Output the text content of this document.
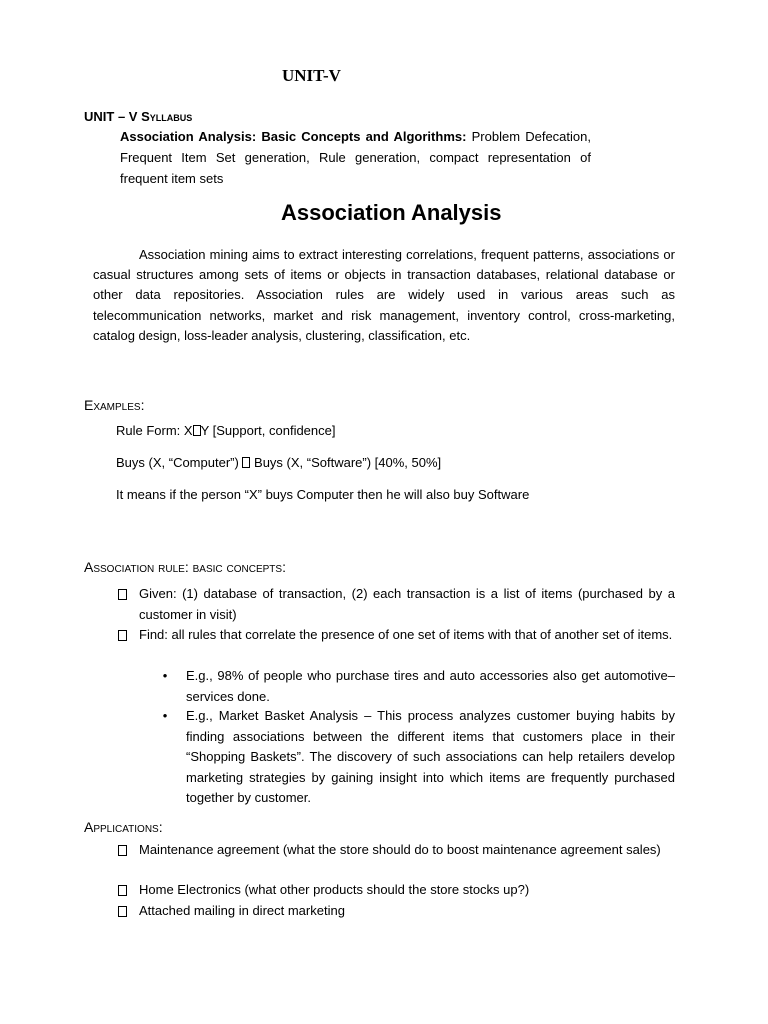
UNIT-V
UNIT – V Syllabus
Association Analysis: Basic Concepts and Algorithms: Problem Defecation, Frequent Item Set generation, Rule generation, compact representation of frequent item sets
Association Analysis
Association mining aims to extract interesting correlations, frequent patterns, associations or casual structures among sets of items or objects in transaction databases, relational database or other data repositories. Association rules are widely used in various areas such as telecommunication networks, market and risk management, inventory control, cross-marketing, catalog design, loss-leader analysis, clustering, classification, etc.
Examples:
Rule Form: X Y [Support, confidence]
Buys (X, “Computer”)  Buys (X, “Software”) [40%, 50%]
It means if the person “X” buys Computer then he will also buy Software
Association rule: basic concepts:
Given: (1) database of transaction, (2) each transaction is a list of items (purchased by a customer in visit)
Find: all rules that correlate the presence of one set of items with that of another set of items.
• E.g., 98% of people who purchase tires and auto accessories also get automotive– services done.
• E.g., Market Basket Analysis – This process analyzes customer buying habits by finding associations between the different items that customers place in their “Shopping Baskets”. The discovery of such associations can help retailers develop marketing strategies by gaining insight into which items are frequently purchased together by customer.
Applications:
Maintenance agreement (what the store should do to boost maintenance agreement sales)
Home Electronics (what other products should the store stocks up?)
Attached mailing in direct marketing
